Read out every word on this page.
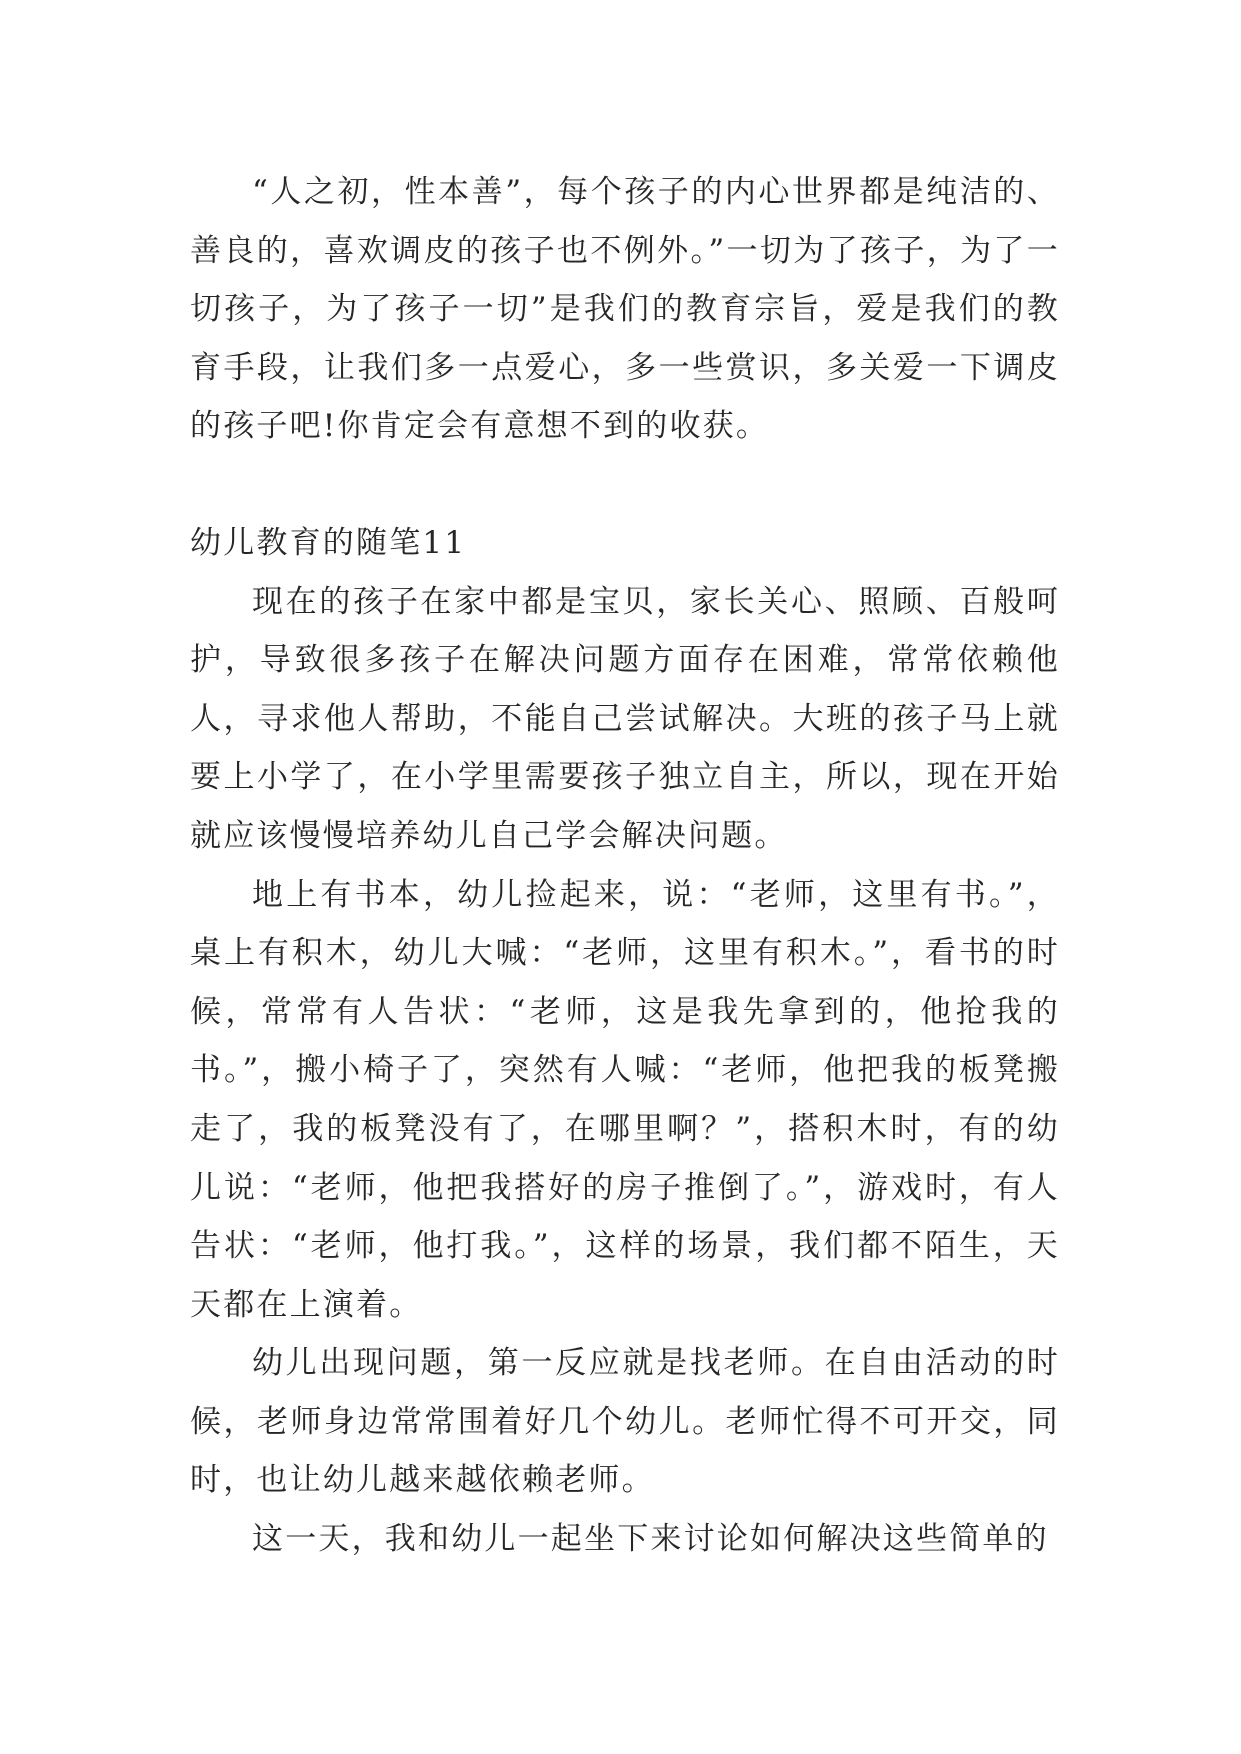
“人之初，性本善”，每个孩子的内心世界都是纯洁的、善良的，喜欢调皮的孩子也不例外。”一切为了孩子，为了一切孩子，为了孩子一切”是我们的教育宗旨，爱是我们的教育手段，让我们多一点爱心，多一些赏识，多关爱一下调皮的孩子吧!你肯定会有意想不到的收获。

幼儿教育的随笔11

现在的孩子在家中都是宝贝，家长关心、照顾、百般呵护，导致很多孩子在解决问题方面存在困难，常常依赖他人，寻求他人帮助，不能自己尝试解决。大班的孩子马上就要上小学了，在小学里需要孩子独立自主，所以，现在开始就应该慢慢培养幼儿自己学会解决问题。

地上有书本，幼儿捡起来，说：“老师，这里有书。”，桌上有积木，幼儿大喊：“老师，这里有积木。”，看书的时候，常常有人告状：“老师，这是我先拿到的，他抢我的书。”，搬小椅子了，突然有人喊：“老师，他把我的板凳搬走了，我的板凳没有了，在哪里啊？”，搭积木时，有的幼儿说：“老师，他把我搭好的房子推倒了。”，游戏时，有人告状：“老师，他打我。”，这样的场景，我们都不陌生，天天都在上演着。

幼儿出现问题，第一反应就是找老师。在自由活动的时候，老师身边常常围着好几个幼儿。老师忙得不可开交，同时，也让幼儿越来越依赖老师。

这一天，我和幼儿一起坐下来讨论如何解决这些简单的
